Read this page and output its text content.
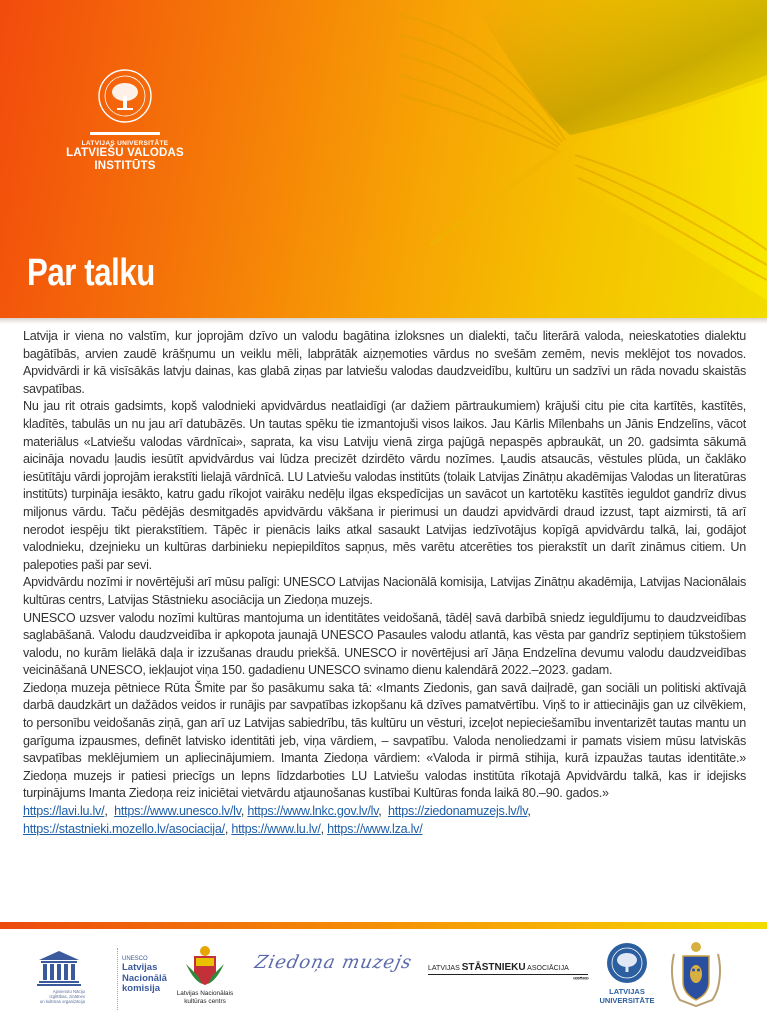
LATVIJAS UNIVERSITĀTE
LATVIEŠU VALODAS
INSTITŪTS
Par talku

Latvija ir viena no valstīm, kur joprojām dzīvo un valodu bagātina izloksnes un dialekti, taču literārā valoda, neieskatoties dialektu bagātībās, arvien zaudē krāšņumu un veiklu mēli, labprātāk aizņemoties vārdus no svešām zemēm, nevis meklējot tos novados. Apvidvārdi ir kā visīsākās latvju dainas, kas glabā ziņas par latviešu valodas daudzveidību, kultūru un sadzīvi un rāda novadu skaistās savpatības.

Nu jau rit otrais gadsimts, kopš valodnieki apvidvārdus neatlaidīgi (ar dažiem pārtraukumiem) krājuši citu pie cita kartītēs, kastītēs, kladītēs, tabulās un nu jau arī datubāzēs. Un tautas spēku tie izmantojuši visos laikos. Jau Kārlis Mīlenbahs un Jānis Endzelīns, vācot materiālus «Latviešu valodas vārdnīcai», saprata, ka visu Latviju vienā zirga pajūgā nepaspēs apbraukāt, un 20. gadsimta sākumā aicināja novadu ļaudis iesūtīt apvidvārdus vai lūdza precizēt dzirdēto vārdu nozīmes. Ļaudis atsaucās, vēstules plūda, un čaklāko iesūtītāju vārdi joprojām ierakstīti lielajā vārdnīcā. LU Latviešu valodas institūts (tolaik Latvijas Zinātņu akadēmijas Valodas un literatūras institūts) turpināja iesākto, katru gadu rīkojot vairāku nedēļu ilgas ekspedīcijas un savācot un kartotēku kastītēs ieguldot gandrīz divus miljonus vārdu. Taču pēdējās desmitgadēs apvidvārdu vākšana ir pierimusi un daudzi apvidvārdi draud izzust, tapt aizmirsti, tā arī nerodot iespēju tikt pierakstītiem. Tāpēc ir pienācis laiks atkal sasaukt Latvijas iedzīvotājus kopīgā apvidvārdu talkā, lai, godājot valodnieku, dzejnieku un kultūras darbinieku nepiepildītos sapņus, mēs varētu atcerēties tos pierakstīt un darīt zināmus citiem. Un palepoties paši par sevi.

Apvidvārdu nozīmi ir novērtējuši arī mūsu palīgi: UNESCO Latvijas Nacionālā komisija, Latvijas Zinātņu akadēmija, Latvijas Nacionālais kultūras centrs, Latvijas Stāstnieku asociācija un Ziedoņa muzejs.

UNESCO uzsver valodu nozīmi kultūras mantojuma un identitātes veidošanā, tādēļ savā darbībā sniedz ieguldījumu to daudzveidības saglabāšanā. Valodu daudzveidība ir apkopota jaunajā UNESCO Pasaules valodu atlantā, kas vēsta par gandrīz septiņiem tūkstošiem valodu, no kurām lielākā daļa ir izzušanas draudu priekšā. UNESCO ir novērtējusi arī Jāņa Endzelīna devumu valodu daudzveidības veicināšanā UNESCO, iekļaujot viņa 150. gadadienu UNESCO svinamo dienu kalendārā 2022.–2023. gadam.

Ziedoņa muzeja pētniece Rūta Šmite par šo pasākumu saka tā: «Imants Ziedonis, gan savā daiļradē, gan sociāli un politiski aktīvajā darbā daudzkārt un dažādos veidos ir runājis par savpatības izkopšanu kā dzīves pamatvērtību. Viņš to ir attiecinājis gan uz cilvēkiem, to personību veidošanās ziņā, gan arī uz Latvijas sabiedrību, tās kultūru un vēsturi, izceļot nepieciešamību inventarizēt tautas mantu un garīguma izpausmes, definēt latvisko identitāti jeb, viņa vārdiem, – savpatību. Valoda nenoliedzami ir pamats visiem mūsu latviskās savpatības meklējumiem un apliecinājumiem. Imanta Ziedoņa vārdiem: «Valoda ir pirmā stihija, kurā izpaužas tautas identitāte.» Ziedoņa muzejs ir patiesi priecīgs un lepns līdzdarboties LU Latviešu valodas institūta rīkotajā Apvidvārdu talkā, kas ir idejisks turpinājums Imanta Ziedoņa reiz iniciētai vietvārdu atjaunošanas kustībai Kultūras fonda laikā 80.–90. gados.»

https://lavi.lu.lv/,  https://www.unesco.lv/lv, https://www.lnkc.gov.lv/lv,  https://ziedonamuzejs.lv/lv,
https://stastnieki.mozello.lv/asociacija/, https://www.lu.lv/, https://www.lza.lv/

Apvienoto Nāciju
Izglītības, zinātnes
un kultūras organizācija
UNESCO
Latvijas
Nacionālā komisija	Latvijas Nacionālais
kultūras centrs
Ziedoņa muzejs	LATVIJAS STĀSTNIEKU ASOCIĀCIJA
«««•»»»
LATVIJAS
UNIVERSITĀTE
